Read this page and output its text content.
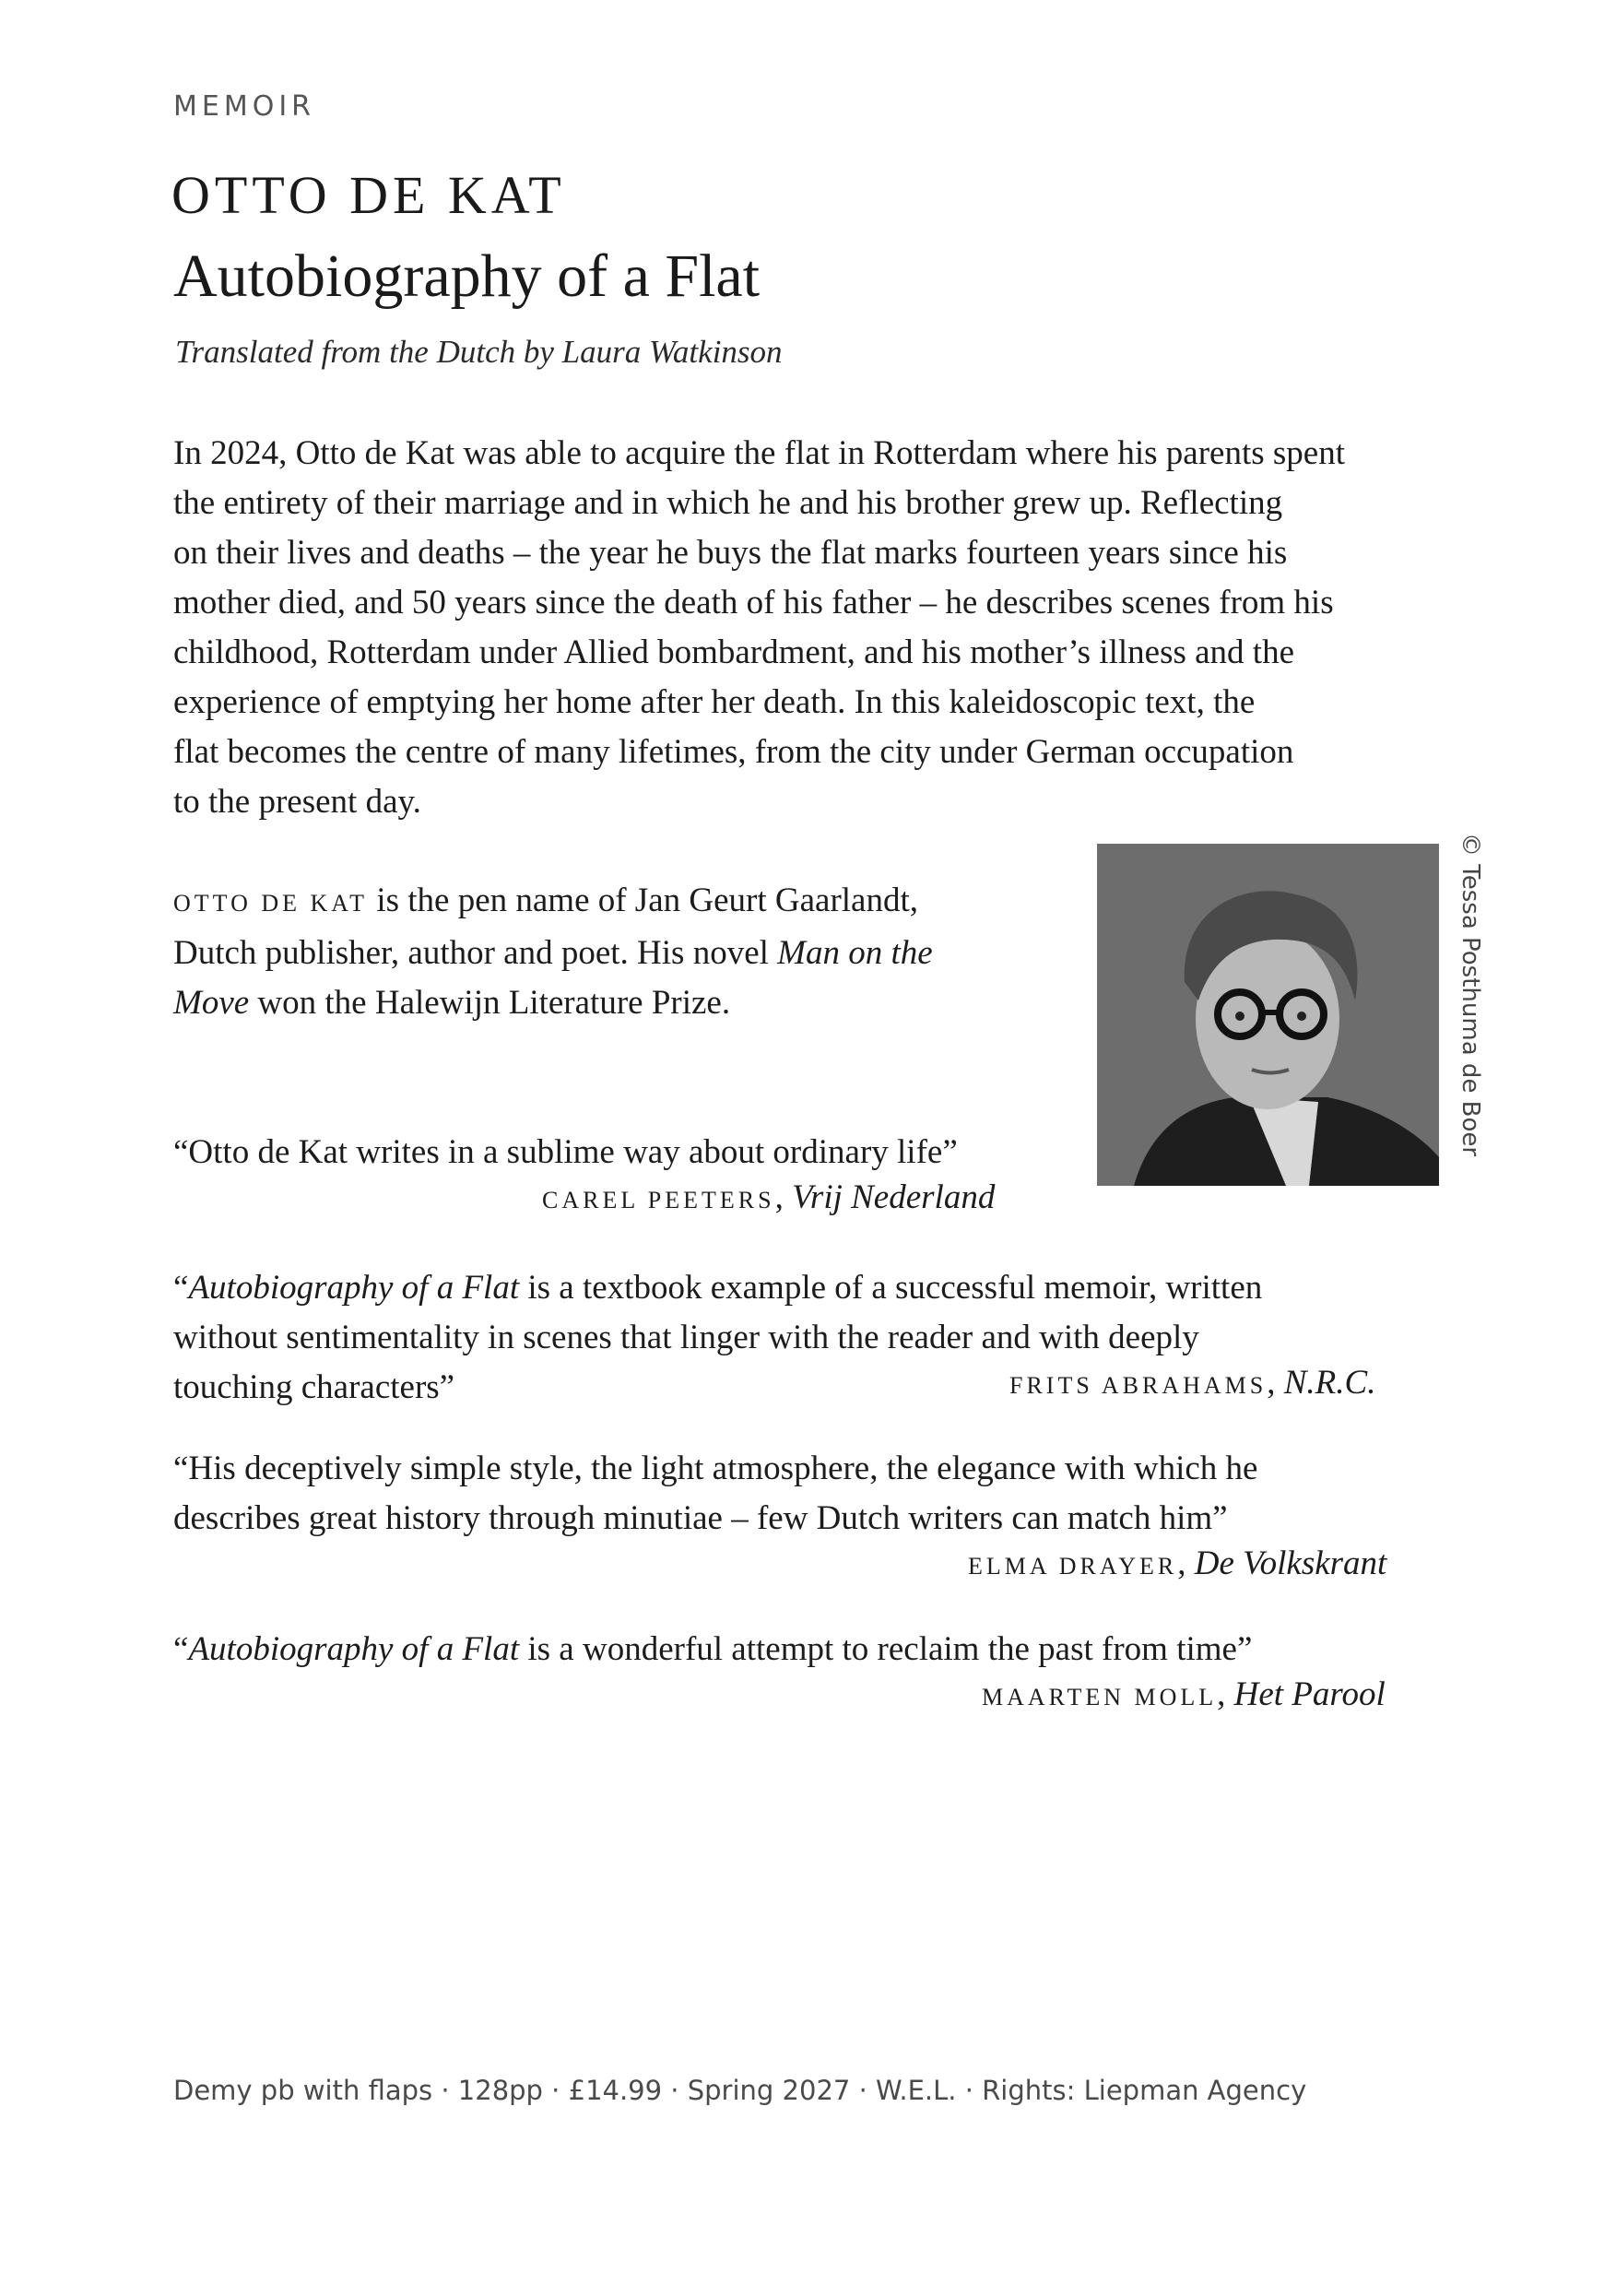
MEMOIR
OTTO DE KAT
Autobiography of a Flat
Translated from the Dutch by Laura Watkinson
In 2024, Otto de Kat was able to acquire the flat in Rotterdam where his parents spent
the entirety of their marriage and in which he and his brother grew up. Reflecting
on their lives and deaths – the year he buys the flat marks fourteen years since his
mother died, and 50 years since the death of his father – he describes scenes from his
childhood, Rotterdam under Allied bombardment, and his mother’s illness and the
experience of emptying her home after her death. In this kaleidoscopic text, the
flat becomes the centre of many lifetimes, from the city under German occupation
to the present day.
OTTO DE KAT is the pen name of Jan Geurt Gaarlandt,
Dutch publisher, author and poet. His novel Man on the
Move won the Halewijn Literature Prize.	© Tessa Posthuma de Boer
“Otto de Kat writes in a sublime way about ordinary life”
CAREL PEETERS, Vrij Nederland
“Autobiography of a Flat is a textbook example of a successful memoir, written
without sentimentality in scenes that linger with the reader and with deeply
touching characters”	FRITS ABRAHAMS, N.R.C.
“His deceptively simple style, the light atmosphere, the elegance with which he
describes great history through minutiae – few Dutch writers can match him”
ELMA DRAYER, De Volkskrant
“Autobiography of a Flat is a wonderful attempt to reclaim the past from time”
MAARTEN MOLL, Het Parool
Demy pb with flaps · 128pp · £14.99 · Spring 2027 · W.E.L. · Rights: Liepman Agency
